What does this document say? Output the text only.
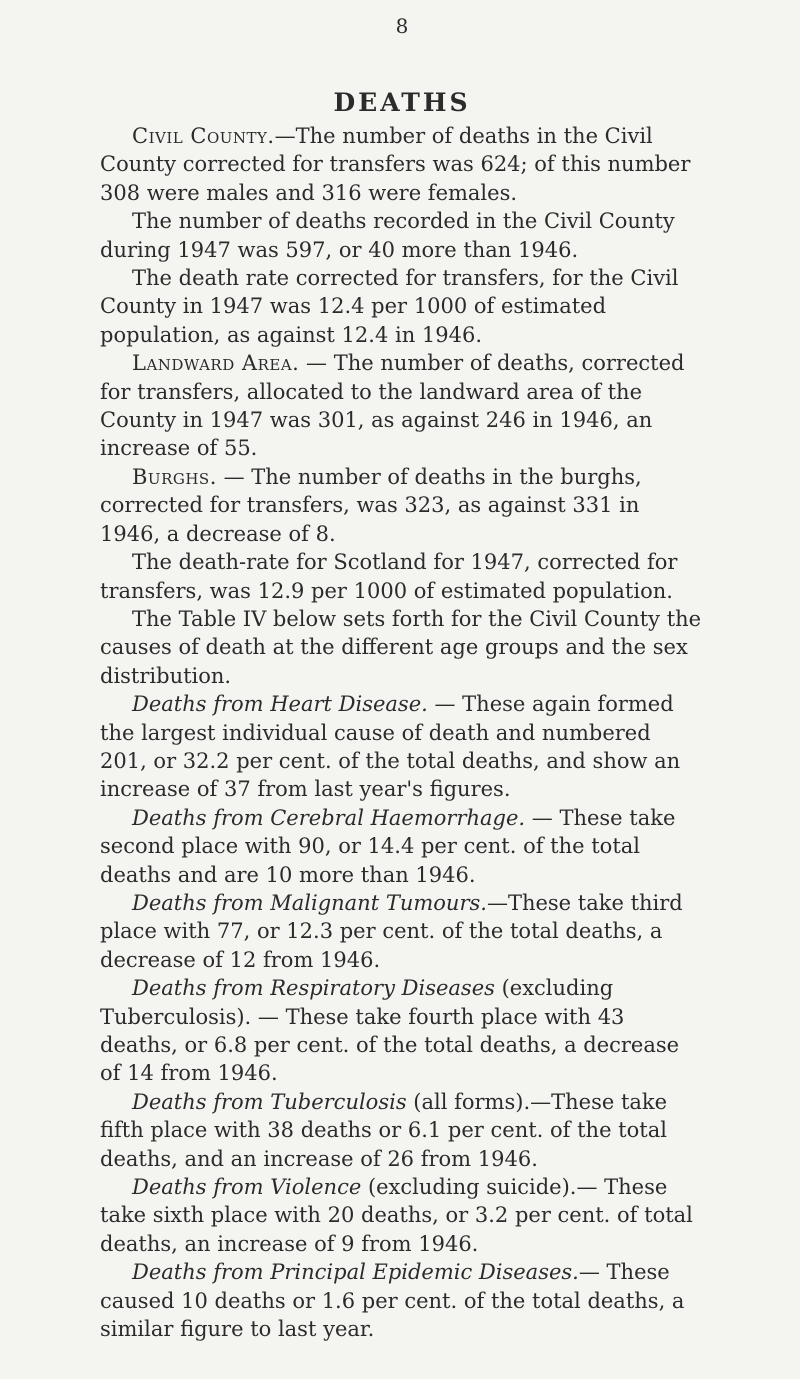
8
DEATHS

Civil County.—The number of deaths in the Civil County corrected for transfers was 624; of this number 308 were males and 316 were females.

The number of deaths recorded in the Civil County during 1947 was 597, or 40 more than 1946.

The death rate corrected for transfers, for the Civil County in 1947 was 12.4 per 1000 of estimated population, as against 12.4 in 1946.

Landward Area. — The number of deaths, corrected for transfers, allocated to the landward area of the County in 1947 was 301, as against 246 in 1946, an increase of 55.

Burghs. — The number of deaths in the burghs, corrected for transfers, was 323, as against 331 in 1946, a decrease of 8.

The death-rate for Scotland for 1947, corrected for transfers, was 12.9 per 1000 of estimated population.

The Table IV below sets forth for the Civil County the causes of death at the different age groups and the sex distribution.

Deaths from Heart Disease. — These again formed the largest individual cause of death and numbered 201, or 32.2 per cent. of the total deaths, and show an increase of 37 from last year's figures.

Deaths from Cerebral Haemorrhage. — These take second place with 90, or 14.4 per cent. of the total deaths and are 10 more than 1946.

Deaths from Malignant Tumours.—These take third place with 77, or 12.3 per cent. of the total deaths, a decrease of 12 from 1946.

Deaths from Respiratory Diseases (excluding Tuberculosis). — These take fourth place with 43 deaths, or 6.8 per cent. of the total deaths, a decrease of 14 from 1946.

Deaths from Tuberculosis (all forms).—These take fifth place with 38 deaths or 6.1 per cent. of the total deaths, and an increase of 26 from 1946.

Deaths from Violence (excluding suicide).— These take sixth place with 20 deaths, or 3.2 per cent. of total deaths, an increase of 9 from 1946.

Deaths from Principal Epidemic Diseases.— These caused 10 deaths or 1.6 per cent. of the total deaths, a similar figure to last year.
